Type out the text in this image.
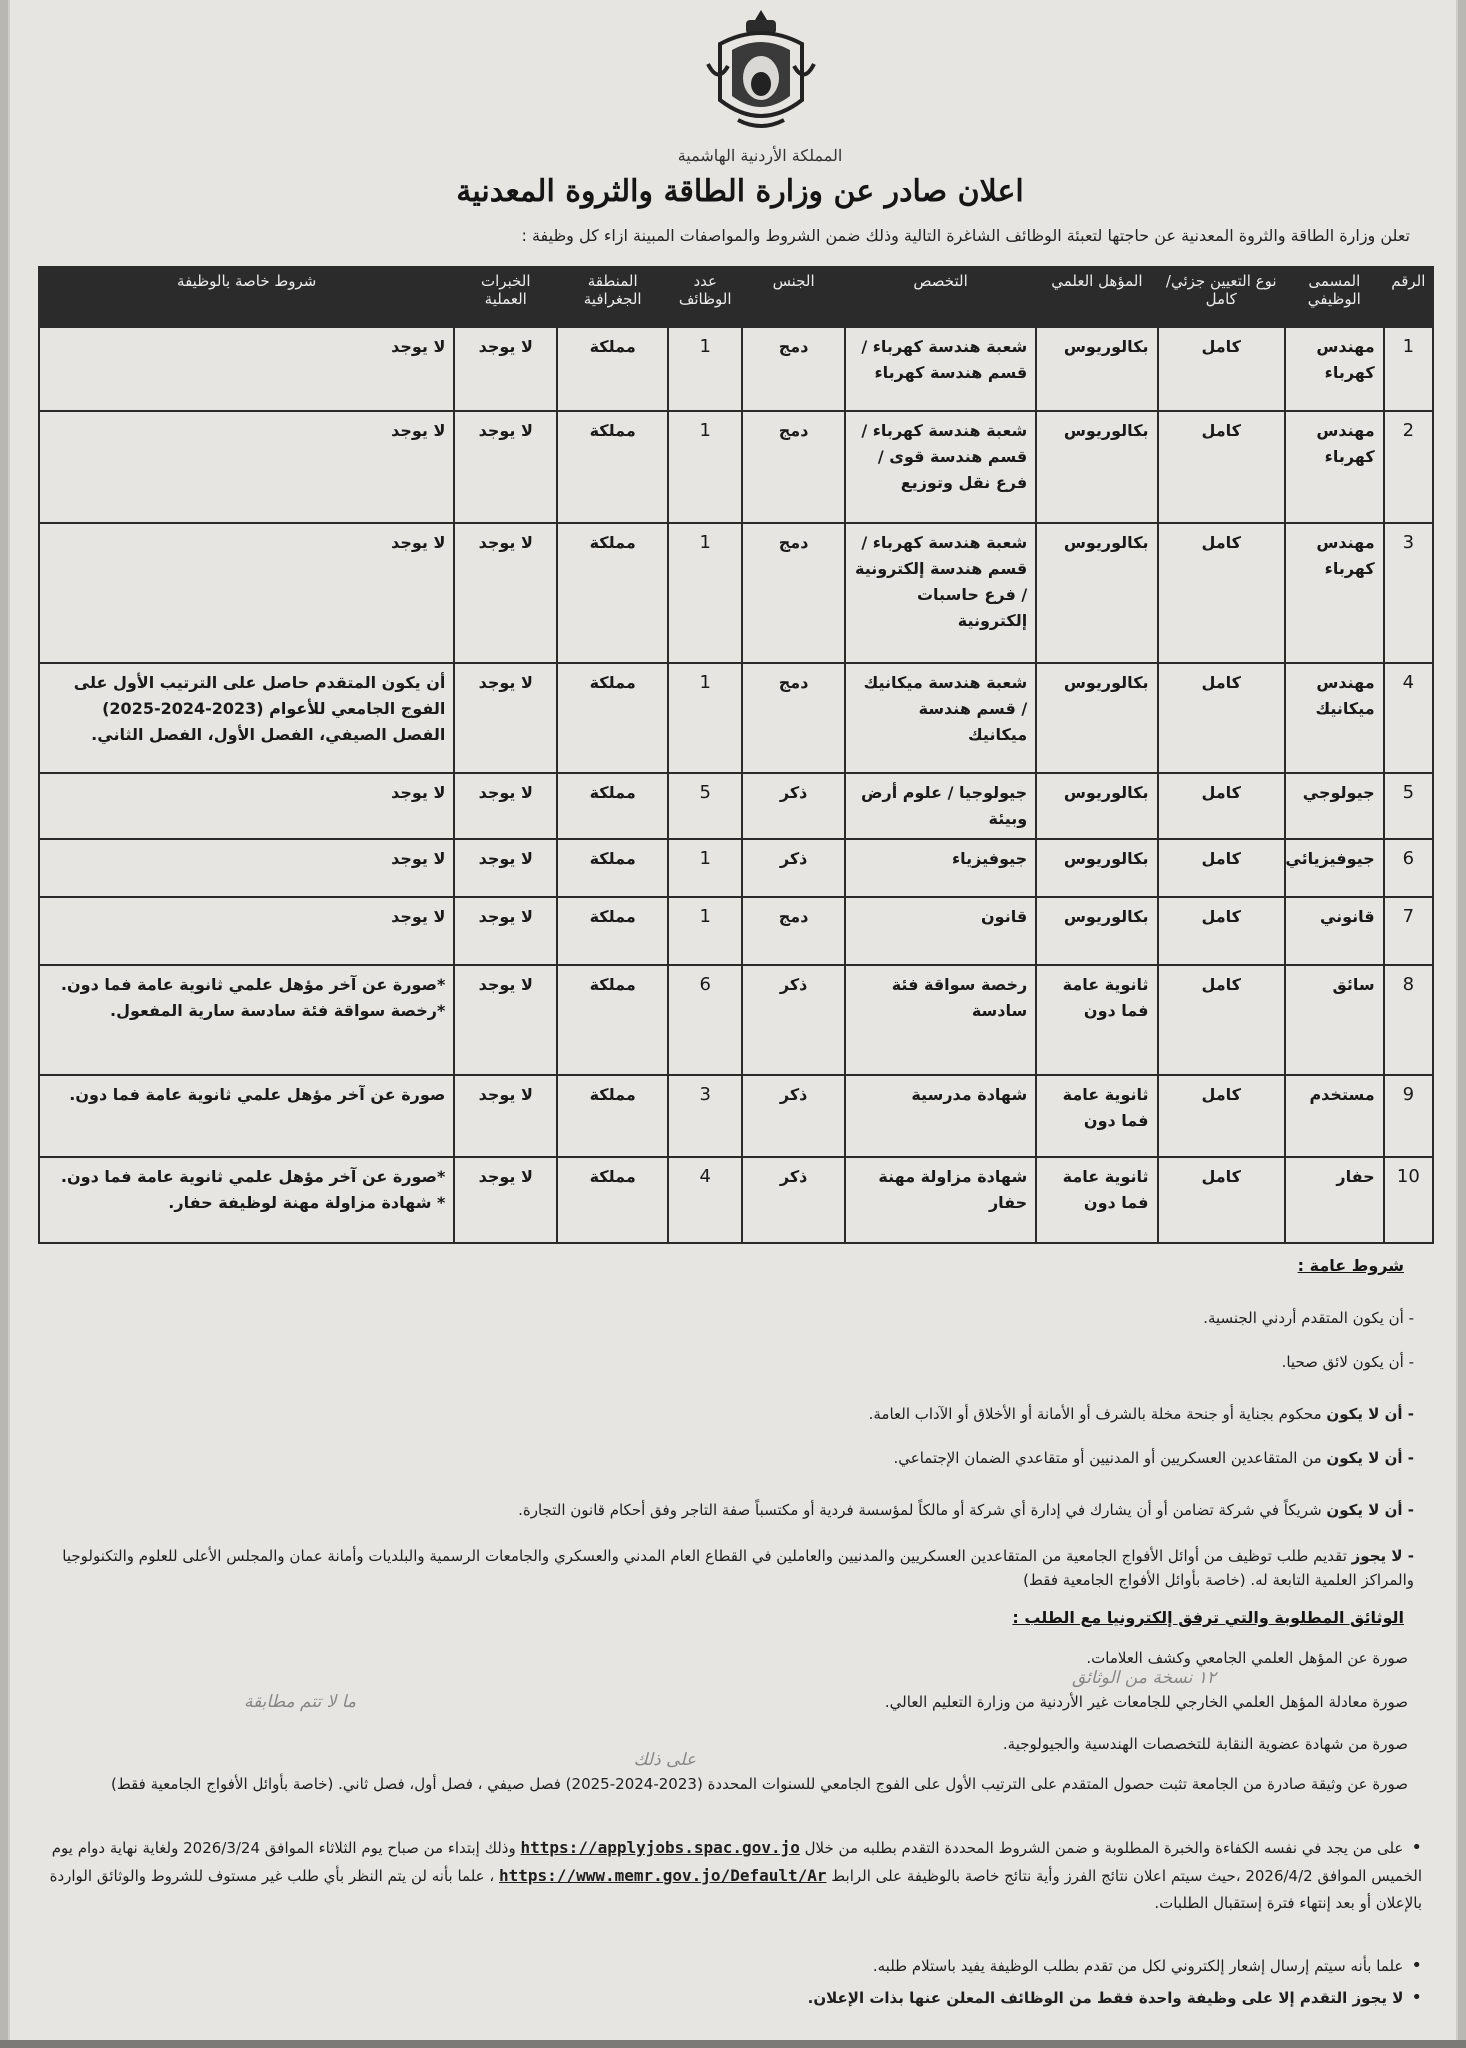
المملكة الأردنية الهاشمية
اعلان صادر عن وزارة الطاقة والثروة المعدنية
تعلن وزارة الطاقة والثروة المعدنية عن حاجتها لتعبئة الوظائف الشاغرة التالية وذلك ضمن الشروط والمواصفات المبينة ازاء كل وظيفة :
الرقم	المسمى الوظيفي	نوع التعيين جزئي/كامل	المؤهل العلمي	التخصص	الجنس	عدد الوظائف	المنطقة الجغرافية	الخبرات العملية	شروط خاصة بالوظيفة
1	مهندس كهرباء	كامل	بكالوريوس	شعبة هندسة كهرباء / قسم هندسة كهرباء	دمج	1	مملكة	لا يوجد	لا يوجد
2	مهندس كهرباء	كامل	بكالوريوس	شعبة هندسة كهرباء / قسم هندسة قوى / فرع نقل وتوزيع	دمج	1	مملكة	لا يوجد	لا يوجد
3	مهندس كهرباء	كامل	بكالوريوس	شعبة هندسة كهرباء / قسم هندسة إلكترونية / فرع حاسبات إلكترونية	دمج	1	مملكة	لا يوجد	لا يوجد
4	مهندس ميكانيك	كامل	بكالوريوس	شعبة هندسة ميكانيك / قسم هندسة ميكانيك	دمج	1	مملكة	لا يوجد	أن يكون المتقدم حاصل على الترتيب الأول على الفوج الجامعي للأعوام (2023-2024-2025) الفصل الصيفي، الفصل الأول، الفصل الثاني.
5	جيولوجي	كامل	بكالوريوس	جيولوجيا / علوم أرض وبيئة	ذكر	5	مملكة	لا يوجد	لا يوجد
6	جيوفيزيائي	كامل	بكالوريوس	جيوفيزياء	ذكر	1	مملكة	لا يوجد	لا يوجد
7	قانوني	كامل	بكالوريوس	قانون	دمج	1	مملكة	لا يوجد	لا يوجد
8	سائق	كامل	ثانوية عامة فما دون	رخصة سواقة فئة سادسة	ذكر	6	مملكة	لا يوجد	*صورة عن آخر مؤهل علمي ثانوية عامة فما دون. *رخصة سواقة فئة سادسة سارية المفعول.
9	مستخدم	كامل	ثانوية عامة فما دون	شهادة مدرسية	ذكر	3	مملكة	لا يوجد	صورة عن آخر مؤهل علمي ثانوية عامة فما دون.
10	حفار	كامل	ثانوية عامة فما دون	شهادة مزاولة مهنة حفار	ذكر	4	مملكة	لا يوجد	*صورة عن آخر مؤهل علمي ثانوية عامة فما دون. * شهادة مزاولة مهنة لوظيفة حفار.
شروط عامة :
- أن يكون المتقدم أردني الجنسية.
- أن يكون لائق صحيا.
- أن لا يكون محكوم بجناية أو جنحة مخلة بالشرف أو الأمانة أو الأخلاق أو الآداب العامة.
- أن لا يكون من المتقاعدين العسكريين أو المدنيين أو متقاعدي الضمان الإجتماعي.
- أن لا يكون شريكاً في شركة تضامن أو أن يشارك في إدارة أي شركة أو مالكاً لمؤسسة فردية أو مكتسباً صفة التاجر وفق أحكام قانون التجارة.
- لا يجوز تقديم طلب توظيف من أوائل الأفواج الجامعية من المتقاعدين العسكريين والمدنيين والعاملين في القطاع العام المدني والعسكري والجامعات الرسمية والبلديات وأمانة عمان والمجلس الأعلى للعلوم والتكنولوجيا والمراكز العلمية التابعة له. (خاصة بأوائل الأفواج الجامعية فقط)
الوثائق المطلوبة والتي ترفق إلكترونيا مع الطلب :
صورة عن المؤهل العلمي الجامعي وكشف العلامات.
صورة معادلة المؤهل العلمي الخارجي للجامعات غير الأردنية من وزارة التعليم العالي.
صورة من شهادة عضوية النقابة للتخصصات الهندسية والجيولوجية.
صورة عن وثيقة صادرة من الجامعة تثبت حصول المتقدم على الترتيب الأول على الفوج الجامعي للسنوات المحددة (2023-2024-2025) فصل صيفي ، فصل أول، فصل ثاني. (خاصة بأوائل الأفواج الجامعية فقط)
١٢ نسخة من الوثائق
ما لا تتم مطابقة
على ذلك
•على من يجد في نفسه الكفاءة والخبرة المطلوبة و ضمن الشروط المحددة التقدم بطلبه من خلال https://applyjobs.spac.gov.jo وذلك إبتداء من صباح يوم الثلاثاء الموافق 2026/3/24 ولغاية نهاية دوام يوم الخميس الموافق 2026/4/2 ،حيث سيتم اعلان نتائج الفرز وأية نتائج خاصة بالوظيفة على الرابط https://www.memr.gov.jo/Default/Ar ، علما بأنه لن يتم النظر بأي طلب غير مستوف للشروط والوثائق الواردة بالإعلان أو بعد إنتهاء فترة إستقبال الطلبات.
•علما بأنه سيتم إرسال إشعار إلكتروني لكل من تقدم بطلب الوظيفة يفيد باستلام طلبه.
•لا يجوز التقدم إلا على وظيفة واحدة فقط من الوظائف المعلن عنها بذات الإعلان.
